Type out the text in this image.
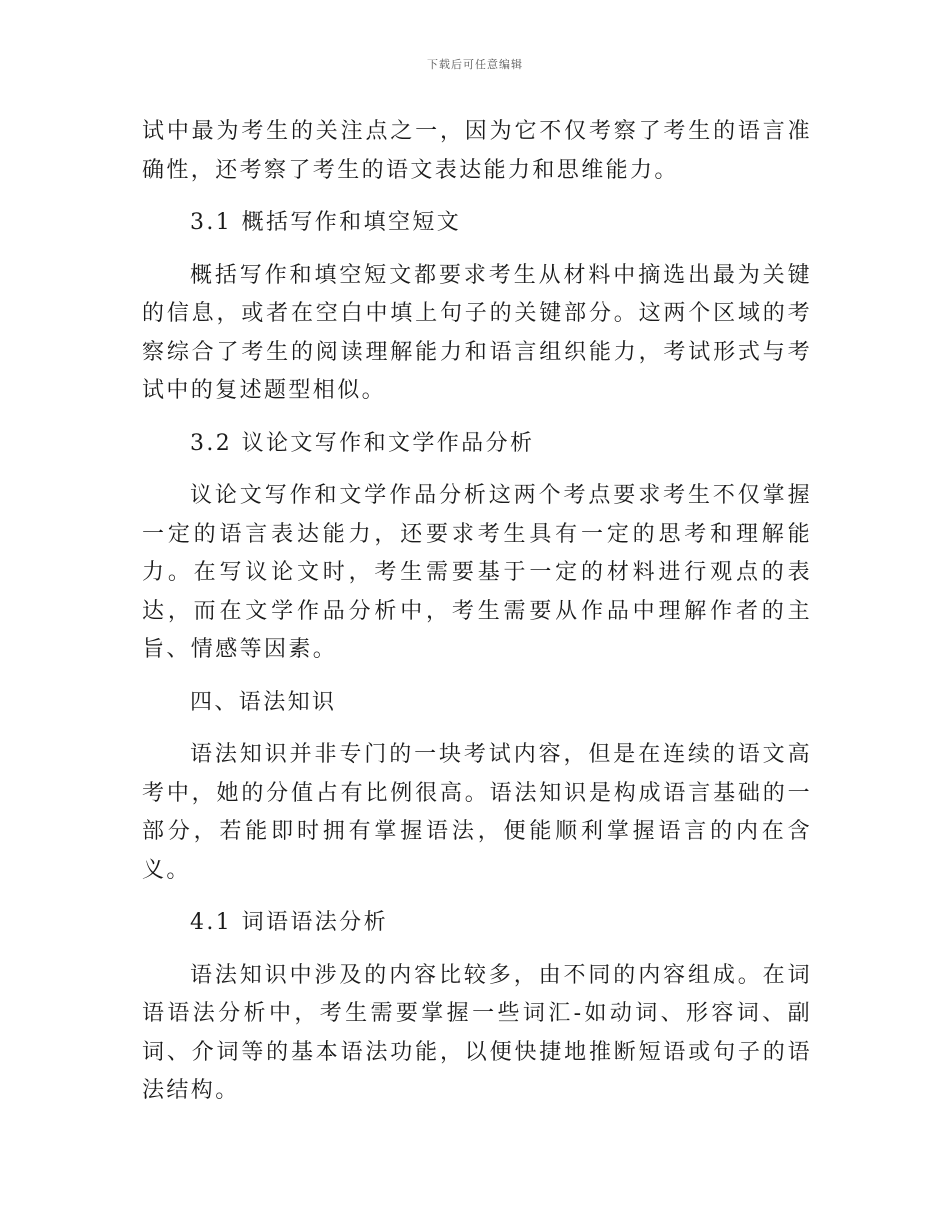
下载后可任意编辑

试中最为考生的关注点之一，因为它不仅考察了考生的语言准确性，还考察了考生的语文表达能力和思维能力。

3.1 概括写作和填空短文

概括写作和填空短文都要求考生从材料中摘选出最为关键的信息，或者在空白中填上句子的关键部分。这两个区域的考察综合了考生的阅读理解能力和语言组织能力，考试形式与考试中的复述题型相似。

3.2 议论文写作和文学作品分析

议论文写作和文学作品分析这两个考点要求考生不仅掌握一定的语言表达能力，还要求考生具有一定的思考和理解能力。在写议论文时，考生需要基于一定的材料进行观点的表达，而在文学作品分析中，考生需要从作品中理解作者的主旨、情感等因素。

四、语法知识

语法知识并非专门的一块考试内容，但是在连续的语文高考中，她的分值占有比例很高。语法知识是构成语言基础的一部分，若能即时拥有掌握语法，便能顺利掌握语言的内在含义。

4.1 词语语法分析

语法知识中涉及的内容比较多，由不同的内容组成。在词语语法分析中，考生需要掌握一些词汇-如动词、形容词、副词、介词等的基本语法功能，以便快捷地推断短语或句子的语法结构。
